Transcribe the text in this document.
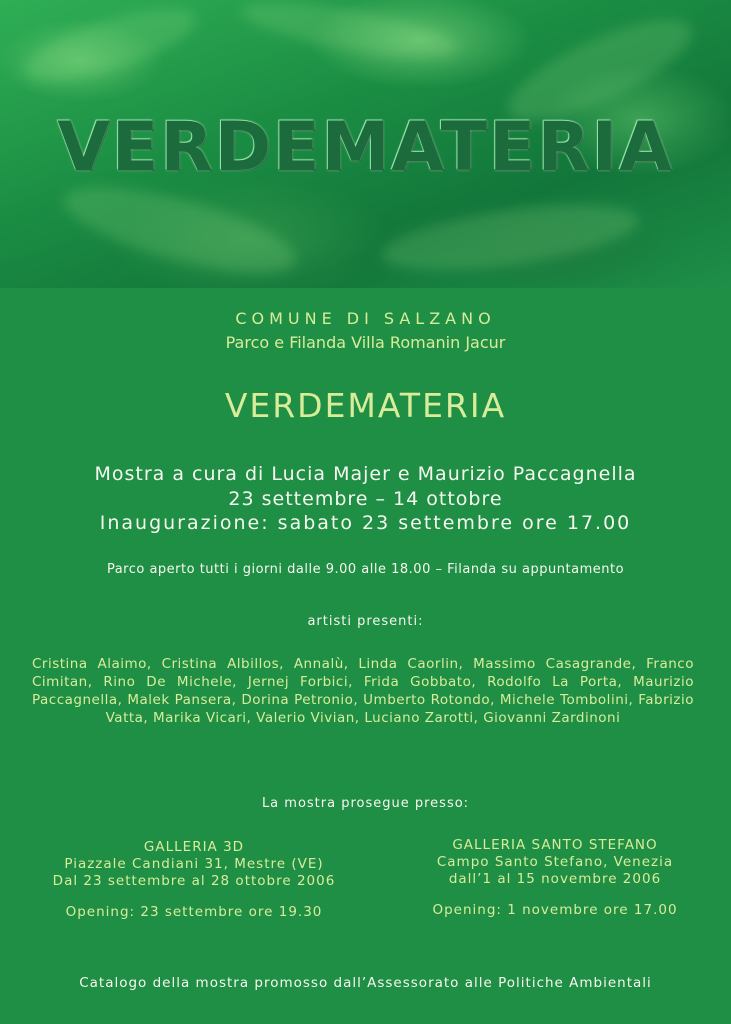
VERDEMATERIA
COMUNE DI SALZANO
Parco e Filanda Villa Romanin Jacur
VERDEMATERIA
Mostra a cura di Lucia Majer e Maurizio Paccagnella
23 settembre – 14 ottobre
Inaugurazione: sabato 23 settembre ore 17.00
Parco aperto tutti i giorni dalle 9.00 alle 18.00 – Filanda su appuntamento
artisti presenti:
Cristina Alaimo, Cristina Albillos, Annalù, Linda Caorlin, Massimo Casagrande, Franco Cimitan, Rino De Michele, Jernej Forbici, Frida Gobbato, Rodolfo La Porta, Maurizio Paccagnella, Malek Pansera, Dorina Petronio, Umberto Rotondo, Michele Tombolini, Fabrizio Vatta, Marika Vicari, Valerio Vivian, Luciano Zarotti, Giovanni Zardinoni
La mostra prosegue presso:
GALLERIA 3D
Piazzale Candiani 31, Mestre (VE)
Dal 23 settembre al 28 ottobre 2006
Opening: 23 settembre ore 19.30
GALLERIA SANTO STEFANO
Campo Santo Stefano, Venezia
dall’1 al 15 novembre 2006
Opening: 1 novembre ore 17.00
Catalogo della mostra promosso dall’Assessorato alle Politiche Ambientali
